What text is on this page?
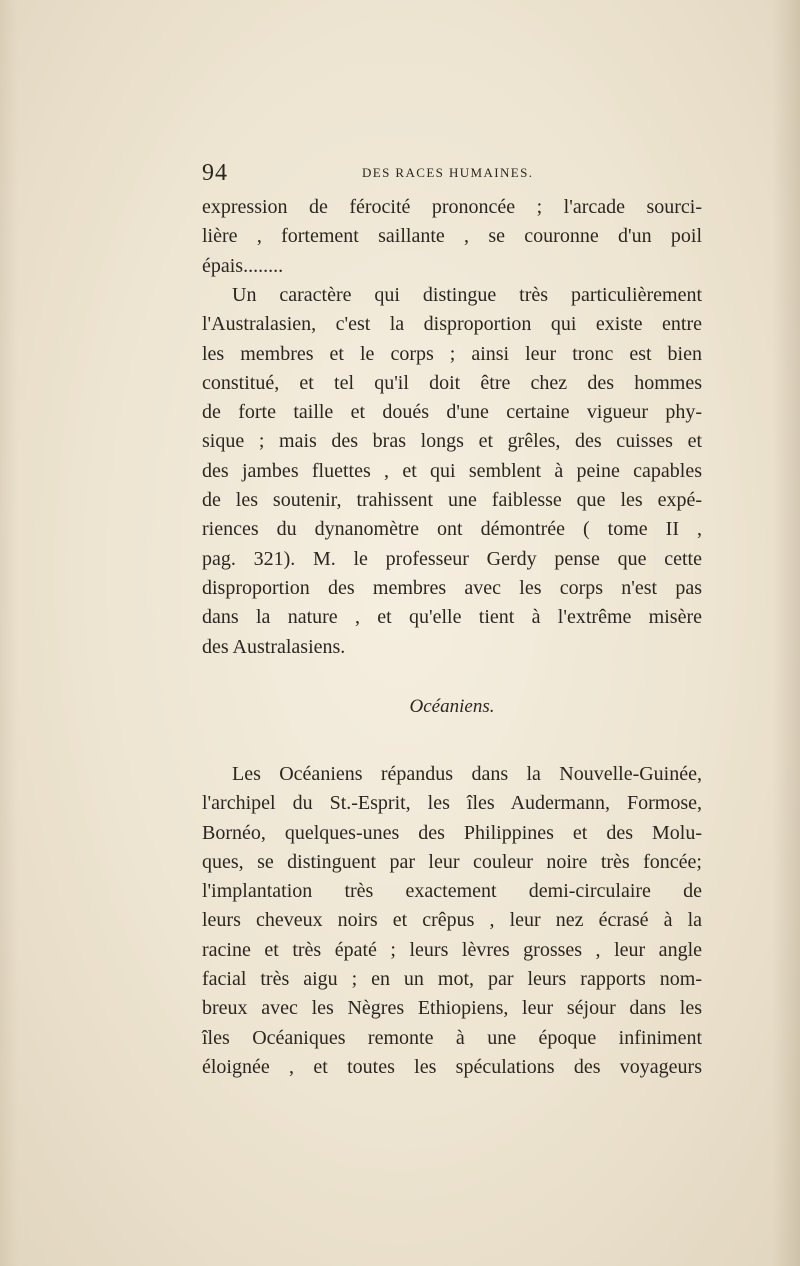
94	DES RACES HUMAINES.
expression de férocité prononcée ; l'arcade sourci-
lière , fortement saillante , se couronne d'un poil
épais........
Un caractère qui distingue très particulièrement
l'Australasien, c'est la disproportion qui existe entre
les membres et le corps ; ainsi leur tronc est bien
constitué, et tel qu'il doit être chez des hommes
de forte taille et doués d'une certaine vigueur phy-
sique ; mais des bras longs et grêles, des cuisses et
des jambes fluettes , et qui semblent à peine capables
de les soutenir, trahissent une faiblesse que les expé-
riences du dynanomètre ont démontrée ( tome II ,
pag. 321). M. le professeur Gerdy pense que cette
disproportion des membres avec les corps n'est pas
dans la nature , et qu'elle tient à l'extrême misère
des Australasiens.
Océaniens.
Les Océaniens répandus dans la Nouvelle-Guinée,
l'archipel du St.-Esprit, les îles Audermann, Formose,
Bornéo, quelques-unes des Philippines et des Molu-
ques, se distinguent par leur couleur noire très foncée;
l'implantation très exactement demi-circulaire de
leurs cheveux noirs et crêpus , leur nez écrasé à la
racine et très épaté ; leurs lèvres grosses , leur angle
facial très aigu ; en un mot, par leurs rapports nom-
breux avec les Nègres Ethiopiens, leur séjour dans les
îles Océaniques remonte à une époque infiniment
éloignée , et toutes les spéculations des voyageurs
